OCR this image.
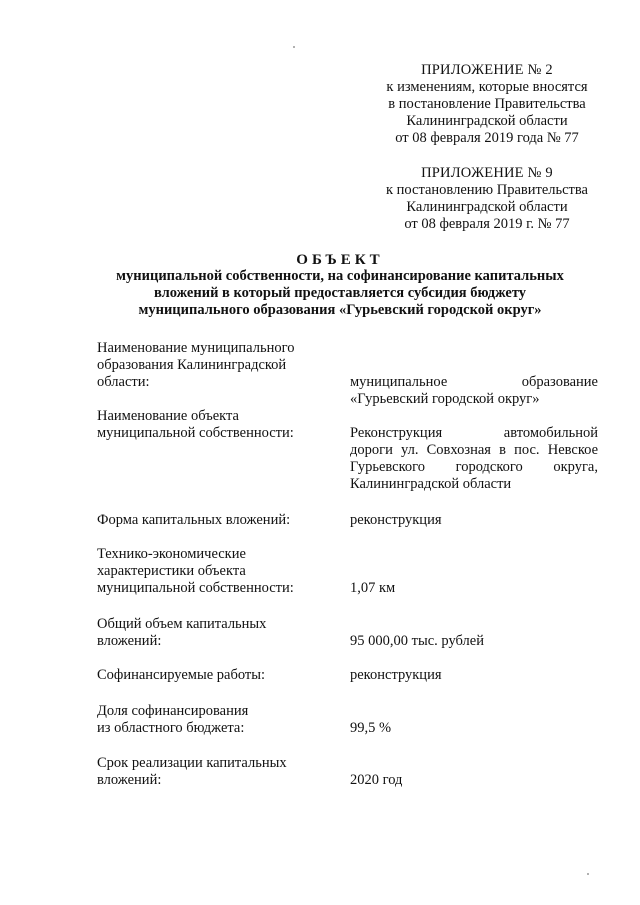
ПРИЛОЖЕНИЕ № 2
к изменениям, которые вносятся
в постановление Правительства
Калининградской области
от 08 февраля 2019 года № 77
ПРИЛОЖЕНИЕ № 9
к постановлению Правительства
Калининградской области
от 08 февраля 2019 г. № 77
ОБЪЕКТ
муниципальной собственности, на софинансирование капитальных
вложений в который предоставляется субсидия бюджету
муниципального образования «Гурьевский городской округ»
Наименование муниципального
образования Калининградской
области:	муниципальное образование
«Гурьевский городской округ»
Наименование объекта
муниципальной собственности:	Реконструкция автомобильной
дороги ул. Совхозная в пос. Невское
Гурьевского городского округа,
Калининградской области
Форма капитальных вложений:	реконструкция
Технико-экономические
характеристики объекта
муниципальной собственности:	1,07 км
Общий объем капитальных
вложений:	95 000,00 тыс. рублей
Софинансируемые работы:	реконструкция
Доля софинансирования
из областного бюджета:	99,5 %
Срок реализации капитальных
вложений:	2020 год
